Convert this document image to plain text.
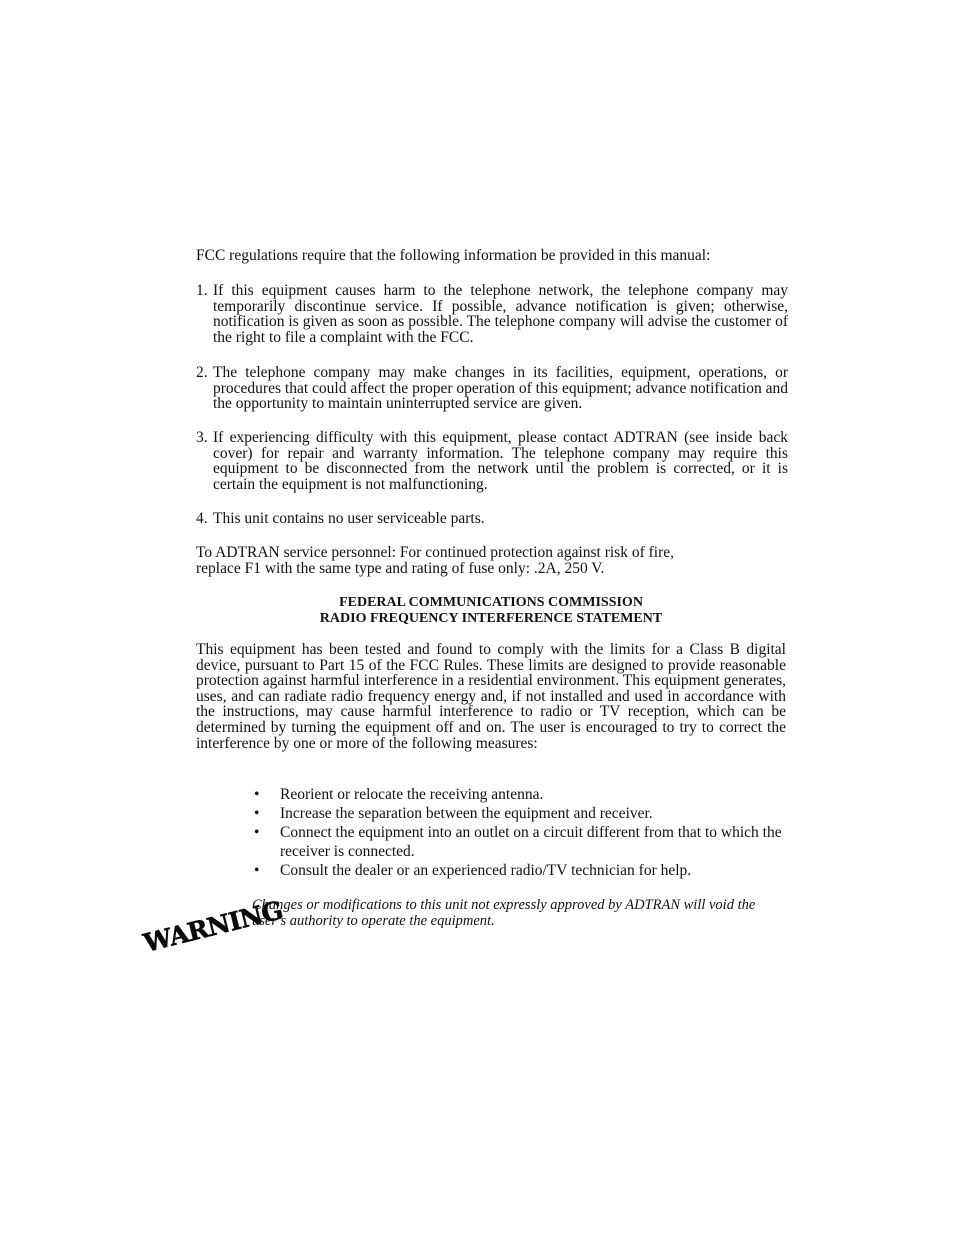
FCC regulations require that the following information be provided in this manual:
1. If this equipment causes harm to the telephone network, the telephone company may temporarily discontinue service. If possible, advance notification is given; otherwise, notification is given as soon as possible. The telephone company will advise the customer of the right to file a complaint with the FCC.
2. The telephone company may make changes in its facilities, equipment, operations, or procedures that could affect the proper operation of this equipment; advance notification and the opportunity to maintain uninterrupted service are given.
3. If experiencing difficulty with this equipment, please contact ADTRAN (see inside back cover) for repair and warranty information. The telephone company may require this equipment to be disconnected from the network until the problem is corrected, or it is certain the equipment is not malfunctioning.
4. This unit contains no user serviceable parts.
To ADTRAN service personnel: For continued protection against risk of fire,
replace F1 with the same type and rating of fuse only: .2A, 250 V.
FEDERAL COMMUNICATIONS COMMISSION
RADIO FREQUENCY INTERFERENCE STATEMENT
This equipment has been tested and found to comply with the limits for a Class B digital device, pursuant to Part 15 of the FCC Rules. These limits are designed to provide reasonable protection against harmful interference in a residential environment. This equipment generates, uses, and can radiate radio frequency energy and, if not installed and used in accordance with the instructions, may cause harmful interference to radio or TV reception, which can be determined by turning the equipment off and on. The user is encouraged to try to correct the interference by one or more of the following measures:
• Reorient or relocate the receiving antenna.
• Increase the separation between the equipment and receiver.
• Connect the equipment into an outlet on a circuit different from that to which the receiver is connected.
• Consult the dealer or an experienced radio/TV technician for help.
WARNING
Changes or modifications to this unit not expressly approved by ADTRAN will void the user’s authority to operate the equipment.
